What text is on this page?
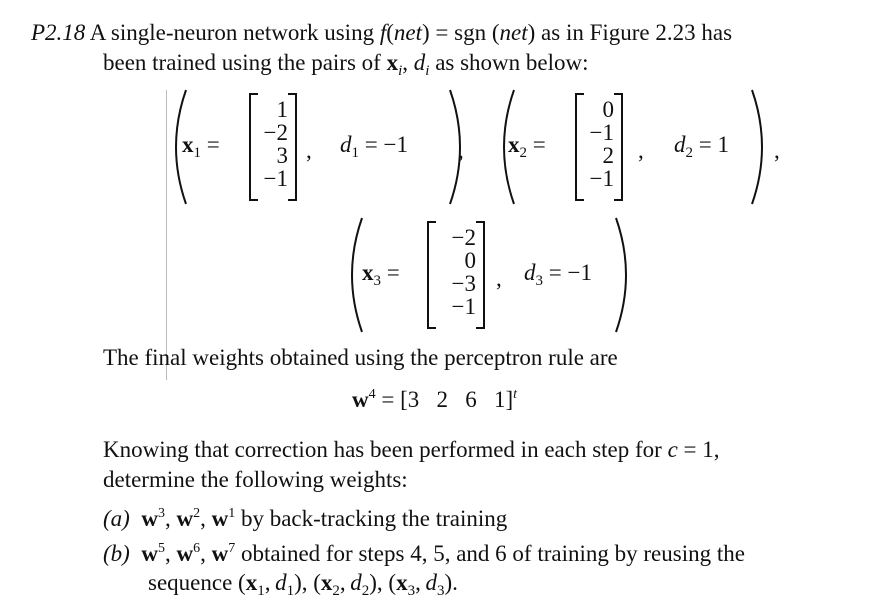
P2.18 A single-neuron network using f(net) = sgn (net) as in Figure 2.23 has
been trained using the pairs of $x_i$, $d_i$ as shown below:
$x_1$ =
1
−2
3
−1
, $d_1 = -1$ , $x_2$ =
0
−1
2
−1
, $d_2 = 1$ ,
$x_3$ =
−2
0
−3
−1
, $d_3 = -1$
The final weights obtained using the perceptron rule are
$w^4 = [3$   2   6   1]$^t$
Knowing that correction has been performed in each step for c = 1,
determine the following weights:
(a) $w^3$, $w^2$, $w^1$ by back-tracking the training
(b) $w^5$, $w^6$, $w^7$ obtained for steps 4, 5, and 6 of training by reusing the
sequence ($x_1$, $d_1$), ($x_2$, $d_2$), ($x_3$, $d_3$).
